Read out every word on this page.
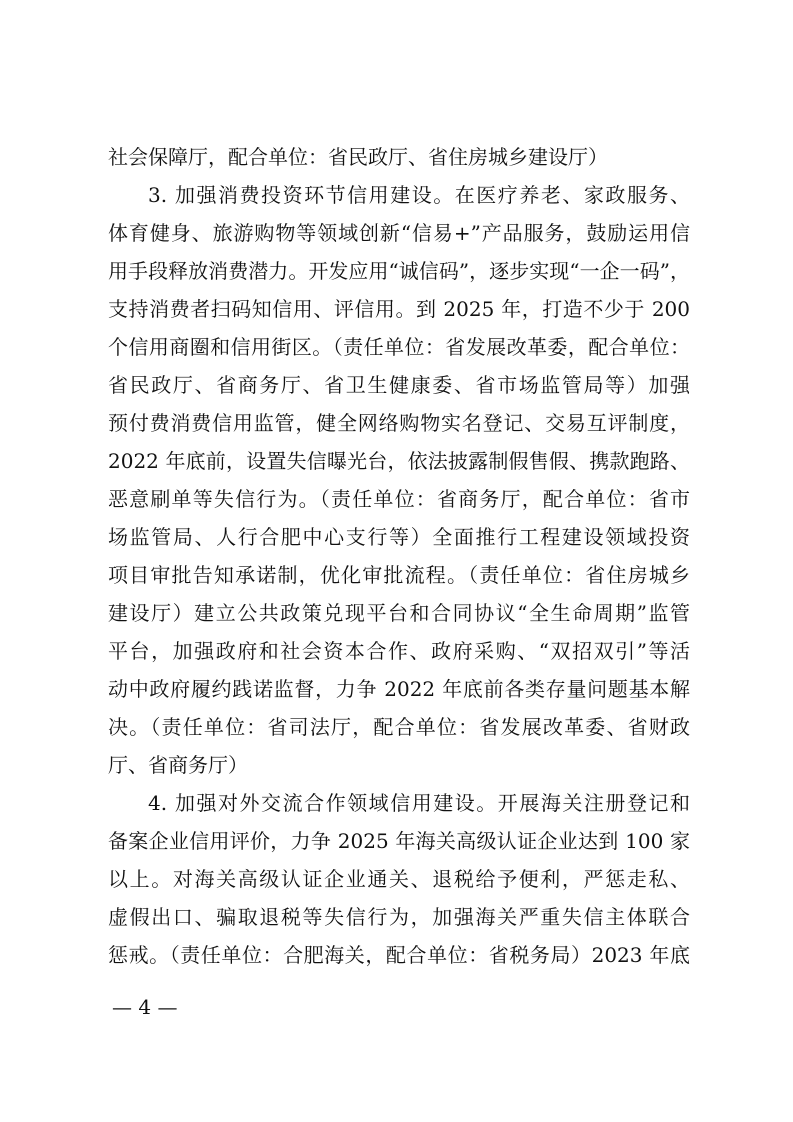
社会保障厅，配合单位：省民政厅、省住房城乡建设厅）
3. 加强消费投资环节信用建设。在医疗养老、家政服务、
体育健身、旅游购物等领域创新“信易+”产品服务，鼓励运用信
用手段释放消费潜力。开发应用“诚信码”，逐步实现“一企一码”，
支持消费者扫码知信用、评信用。到 2025 年，打造不少于 200
个信用商圈和信用街区。（责任单位：省发展改革委，配合单位：
省民政厅、省商务厅、省卫生健康委、省市场监管局等）加强
预付费消费信用监管，健全网络购物实名登记、交易互评制度，
2022 年底前，设置失信曝光台，依法披露制假售假、携款跑路、
恶意刷单等失信行为。（责任单位：省商务厅，配合单位：省市
场监管局、人行合肥中心支行等）全面推行工程建设领域投资
项目审批告知承诺制，优化审批流程。（责任单位：省住房城乡
建设厅）建立公共政策兑现平台和合同协议“全生命周期”监管
平台，加强政府和社会资本合作、政府采购、“双招双引”等活
动中政府履约践诺监督，力争 2022 年底前各类存量问题基本解
决。（责任单位：省司法厅，配合单位：省发展改革委、省财政
厅、省商务厅）
4. 加强对外交流合作领域信用建设。开展海关注册登记和
备案企业信用评价，力争 2025 年海关高级认证企业达到 100 家
以上。对海关高级认证企业通关、退税给予便利，严惩走私、
虚假出口、骗取退税等失信行为，加强海关严重失信主体联合
惩戒。（责任单位：合肥海关，配合单位：省税务局）2023 年底
— 4 —
